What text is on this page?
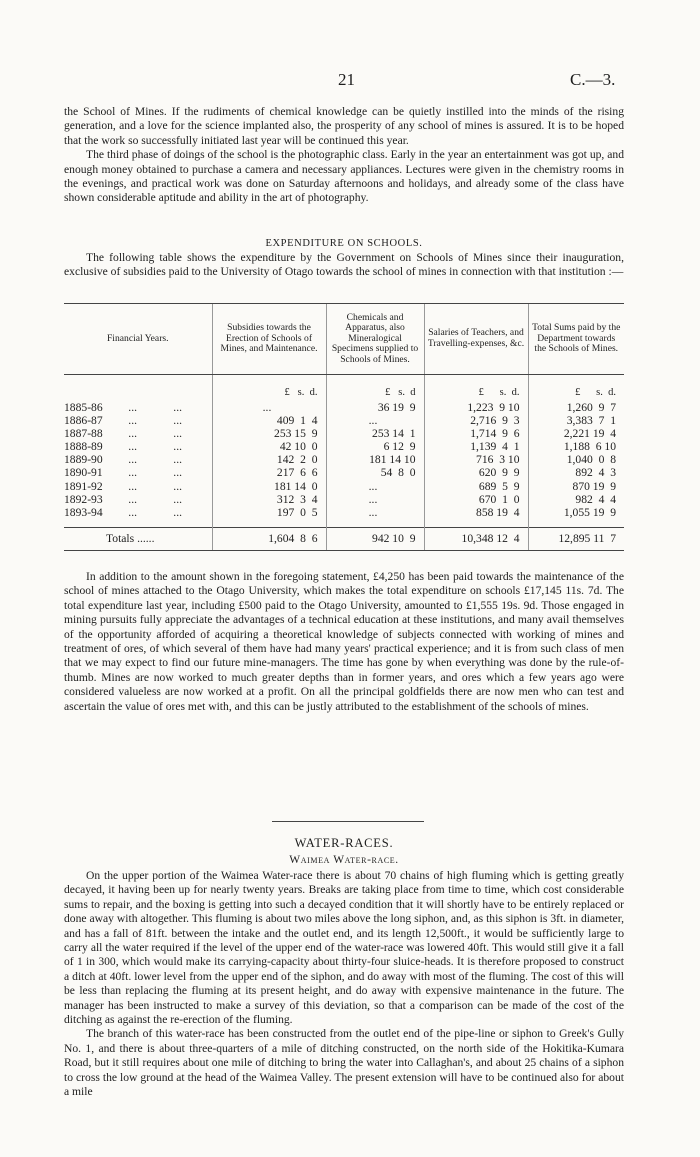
21	C.—3.

the School of Mines. If the rudiments of chemical knowledge can be quietly instilled into the minds of the rising generation, and a love for the science implanted also, the prosperity of any school of mines is assured. It is to be hoped that the work so successfully initiated last year will be continued this year.

The third phase of doings of the school is the photographic class. Early in the year an entertainment was got up, and enough money obtained to purchase a camera and necessary appliances. Lectures were given in the chemistry rooms in the evenings, and practical work was done on Saturday afternoons and holidays, and already some of the class have shown considerable aptitude and ability in the art of photography.

EXPENDITURE ON SCHOOLS.

The following table shows the expenditure by the Government on Schools of Mines since their inauguration, exclusive of subsidies paid to the University of Otago towards the school of mines in connection with that institution :—

Financial Years.	Subsidies towards the Erection of Schools of Mines, and Maintenance.	Chemicals and Apparatus, also Mineralogical Specimens supplied to Schools of Mines.	Salaries of Teachers, and Travelling-expenses, &c.	Total Sums paid by the Department towards the Schools of Mines.
	£   s.  d.	£   s.  d	£      s.  d.	£      s.  d.
1885-86 ... ...	...	36 19  9	1,223  9 10	1,260  9  7
1886-87 ... ...	409  1  4	...	2,716  9  3	3,383  7  1
1887-88 ... ...	253 15  9	253 14  1	1,714  9  6	2,221 19  4
1888-89 ... ...	42 10  0	6 12  9	1,139  4  1	1,188  6 10
1889-90 ... ...	142  2  0	181 14 10	716  3 10	1,040  0  8
1890-91 ... ...	217  6  6	54  8  0	620  9  9	892  4  3
1891-92 ... ...	181 14  0	...	689  5  9	870 19  9
1892-93 ... ...	312  3  4	...	670  1  0	982  4  4
1893-94 ... ...	197  0  5	...	858 19  4	1,055 19  9

Totals ......	1,604  8  6	942 10  9	10,348 12  4	12,895 11  7

In addition to the amount shown in the foregoing statement, £4,250 has been paid towards the maintenance of the school of mines attached to the Otago University, which makes the total expenditure on schools £17,145 11s. 7d. The total expenditure last year, including £500 paid to the Otago University, amounted to £1,555 19s. 9d. Those engaged in mining pursuits fully appreciate the advantages of a technical education at these institutions, and many avail themselves of the opportunity afforded of acquiring a theoretical knowledge of subjects connected with working of mines and treatment of ores, of which several of them have had many years' practical experience; and it is from such class of men that we may expect to find our future mine-managers. The time has gone by when everything was done by the rule-of-thumb. Mines are now worked to much greater depths than in former years, and ores which a few years ago were considered valueless are now worked at a profit. On all the principal goldfields there are now men who can test and ascertain the value of ores met with, and this can be justly attributed to the establishment of the schools of mines.

WATER-RACES.

Waimea Water-race.

On the upper portion of the Waimea Water-race there is about 70 chains of high fluming which is getting greatly decayed, it having been up for nearly twenty years. Breaks are taking place from time to time, which cost considerable sums to repair, and the boxing is getting into such a decayed condition that it will shortly have to be entirely replaced or done away with altogether. This fluming is about two miles above the long siphon, and, as this siphon is 3ft. in diameter, and has a fall of 81ft. between the intake and the outlet end, and its length 12,500ft., it would be sufficiently large to carry all the water required if the level of the upper end of the water-race was lowered 40ft. This would still give it a fall of 1 in 300, which would make its carrying-capacity about thirty-four sluice-heads. It is therefore proposed to construct a ditch at 40ft. lower level from the upper end of the siphon, and do away with most of the fluming. The cost of this will be less than replacing the fluming at its present height, and do away with expensive maintenance in the future. The manager has been instructed to make a survey of this deviation, so that a comparison can be made of the cost of the ditching as against the re-erection of the fluming.

The branch of this water-race has been constructed from the outlet end of the pipe-line or siphon to Greek's Gully No. 1, and there is about three-quarters of a mile of ditching constructed, on the north side of the Hokitika-Kumara Road, but it still requires about one mile of ditching to bring the water into Callaghan's, and about 25 chains of a siphon to cross the low ground at the head of the Waimea Valley. The present extension will have to be continued also for about a mile
